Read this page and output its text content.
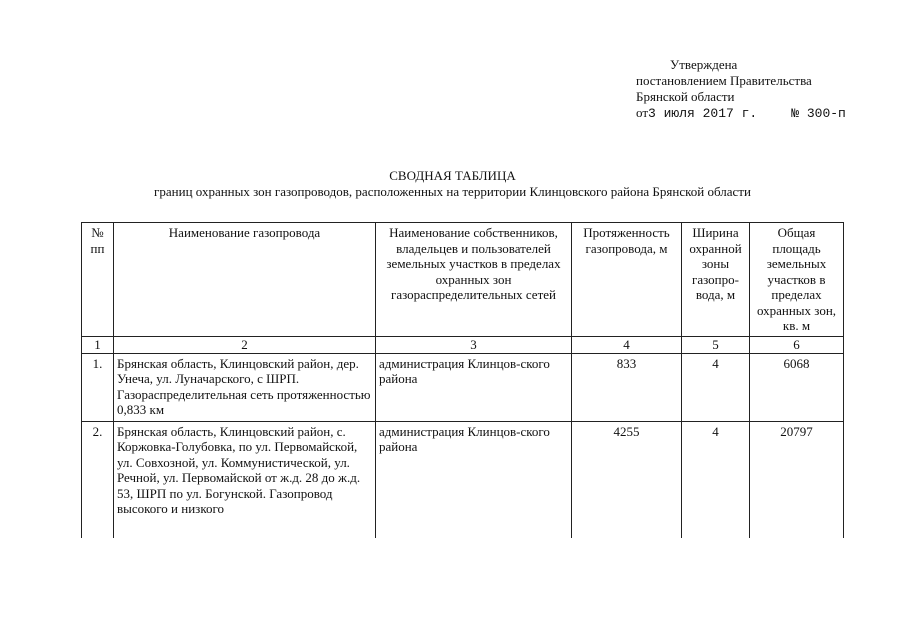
Утверждена
постановлением Правительства
Брянской области
от3 июля 2017 г.	№ 300-п
СВОДНАЯ ТАБЛИЦА
границ охранных зон газопроводов, расположенных на территории Клинцовского района Брянской области
№ пп	Наименование газопровода	Наименование собственников, владельцев и пользователей земельных участков в пределах охранных зон газораспределительных сетей	Протяженность газопровода, м	Ширина охранной зоны газопро-вода, м	Общая площадь земельных участков в пределах охранных зон, кв. м
1	2	3	4	5	6
1.	Брянская область, Клинцовский район, дер. Унеча, ул. Луначарского, с ШРП. Газораспределительная сеть протяженностью 0,833 км	администрация Клинцов-ского района	833	4	6068
2.	Брянская область, Клинцовский район, с. Коржовка-Голубовка, по ул. Первомайской, ул. Совхозной, ул. Коммунистической, ул. Речной, ул. Первомайской от ж.д. 28 до ж.д. 53, ШРП по ул. Богунской. Газопровод высокого и низкого	администрация Клинцов-ского района	4255	4	20797
